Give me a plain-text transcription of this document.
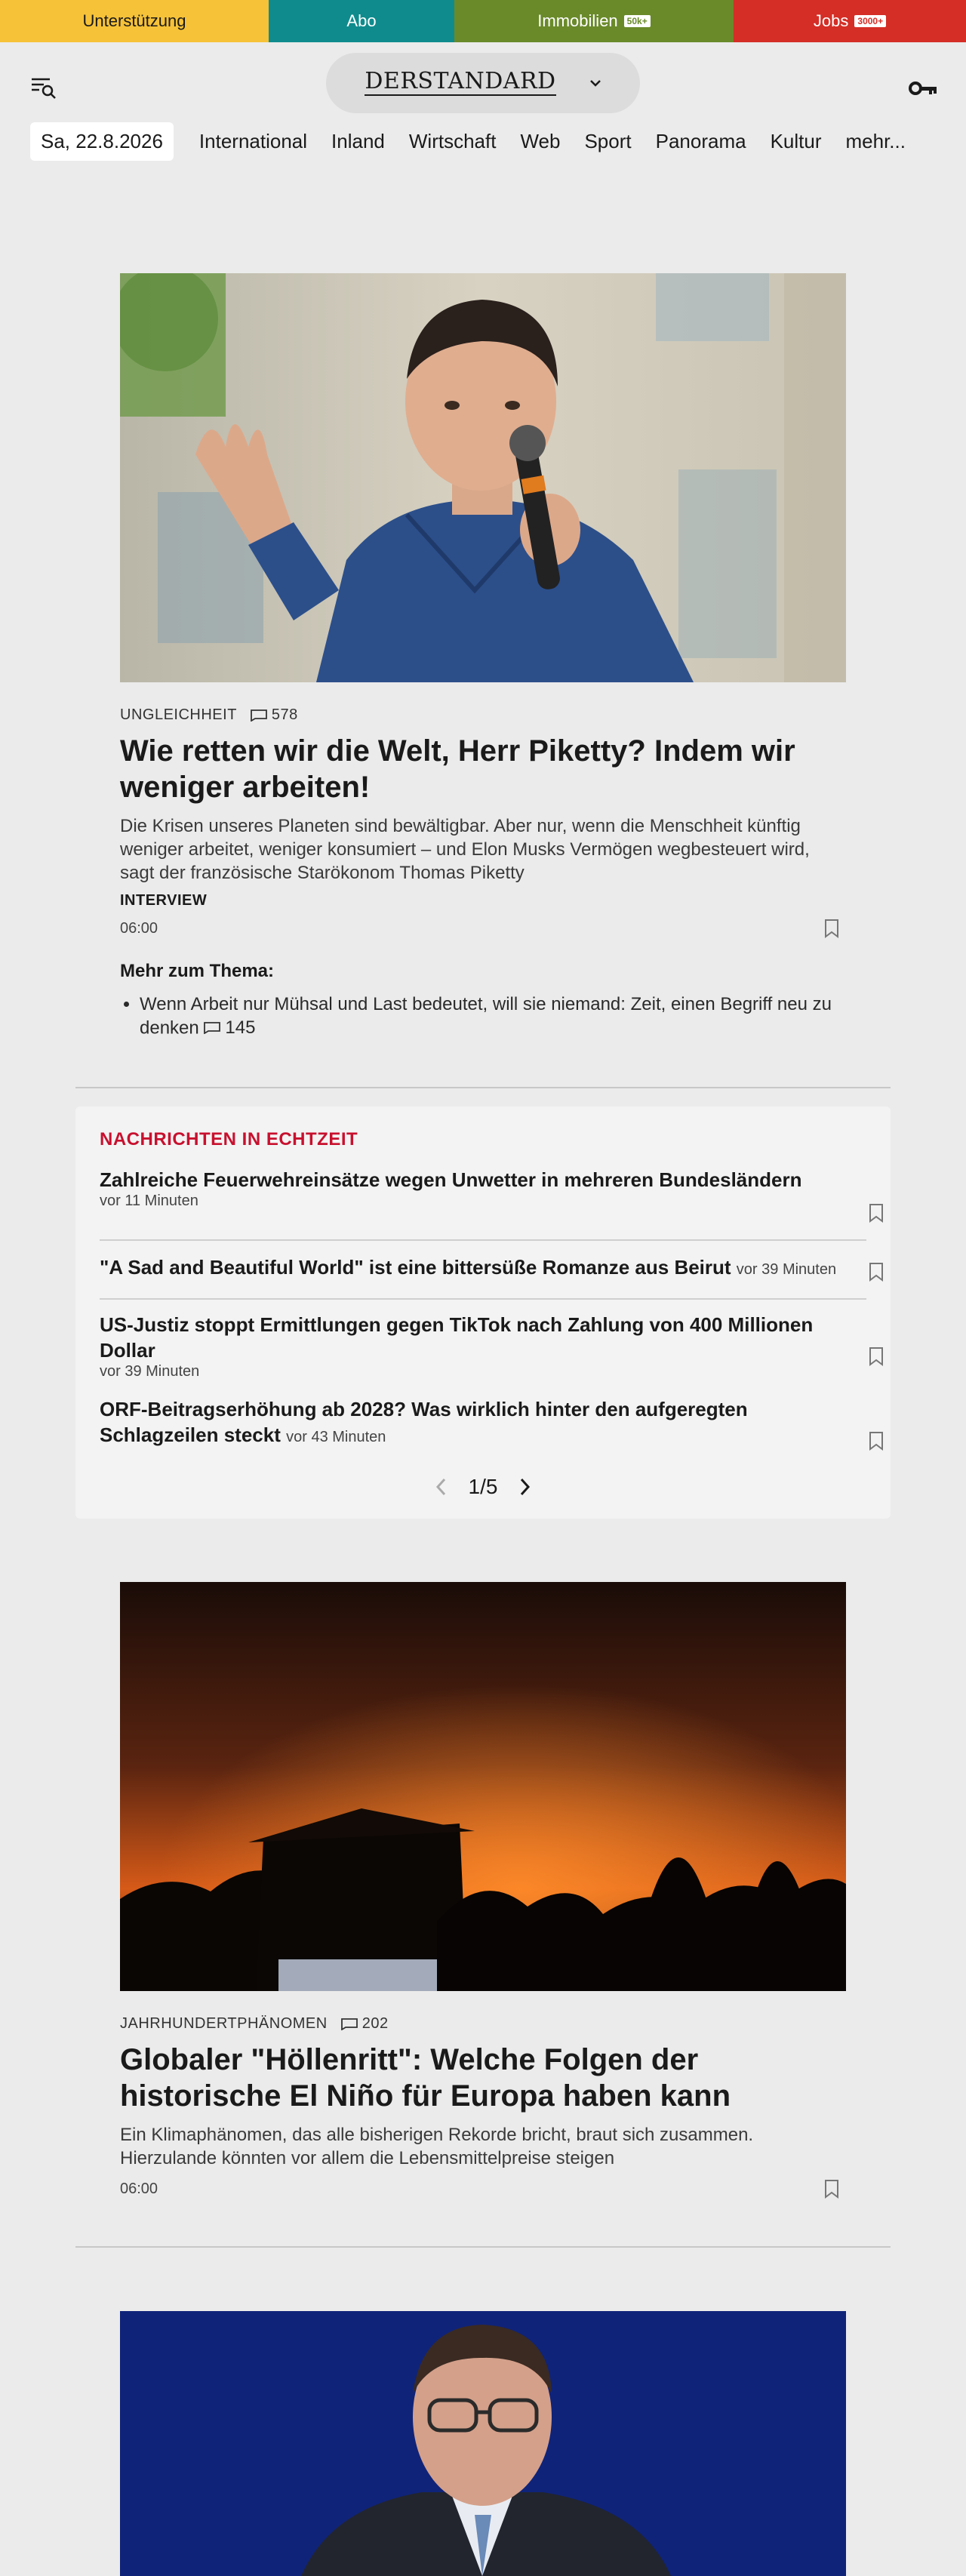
Unterstützung	Abo	Immobilien	50k+	Jobs	3000+
DERSTANDARD
Sa, 22.8.2026	International Inland Wirtschaft Web Sport Panorama Kultur mehr...
UNGLEICHHEIT 578
Wie retten wir die Welt, Herr Piketty? Indem wir weniger arbeiten!
Die Krisen unseres Planeten sind bewältigbar. Aber nur, wenn die Menschheit künftig weniger arbeitet, weniger konsumiert – und Elon Musks Vermögen wegbesteuert wird, sagt der französische Starökonom Thomas Piketty
INTERVIEW
06:00
Mehr zum Thema:
• Wenn Arbeit nur Mühsal und Last bedeutet, will sie niemand: Zeit, einen Begriff neu zu denken 145
NACHRICHTEN IN ECHTZEIT
Zahlreiche Feuerwehreinsätze wegen Unwetter in mehreren Bundesländern
vor 11 Minuten
"A Sad and Beautiful World" ist eine bittersüße Romanze aus Beirut vor 39 Minuten
US-Justiz stoppt Ermittlungen gegen TikTok nach Zahlung von 400 Millionen Dollar
vor 39 Minuten
ORF-Beitragserhöhung ab 2028? Was wirklich hinter den aufgeregten Schlagzeilen steckt vor 43 Minuten
1/5
JAHRHUNDERTPHÄNOMEN 202
Globaler "Höllenritt": Welche Folgen der historische El Niño für Europa haben kann
Ein Klimaphänomen, das alle bisherigen Rekorde bricht, braut sich zusammen. Hierzulande könnten vor allem die Lebensmittelpreise steigen
06:00
